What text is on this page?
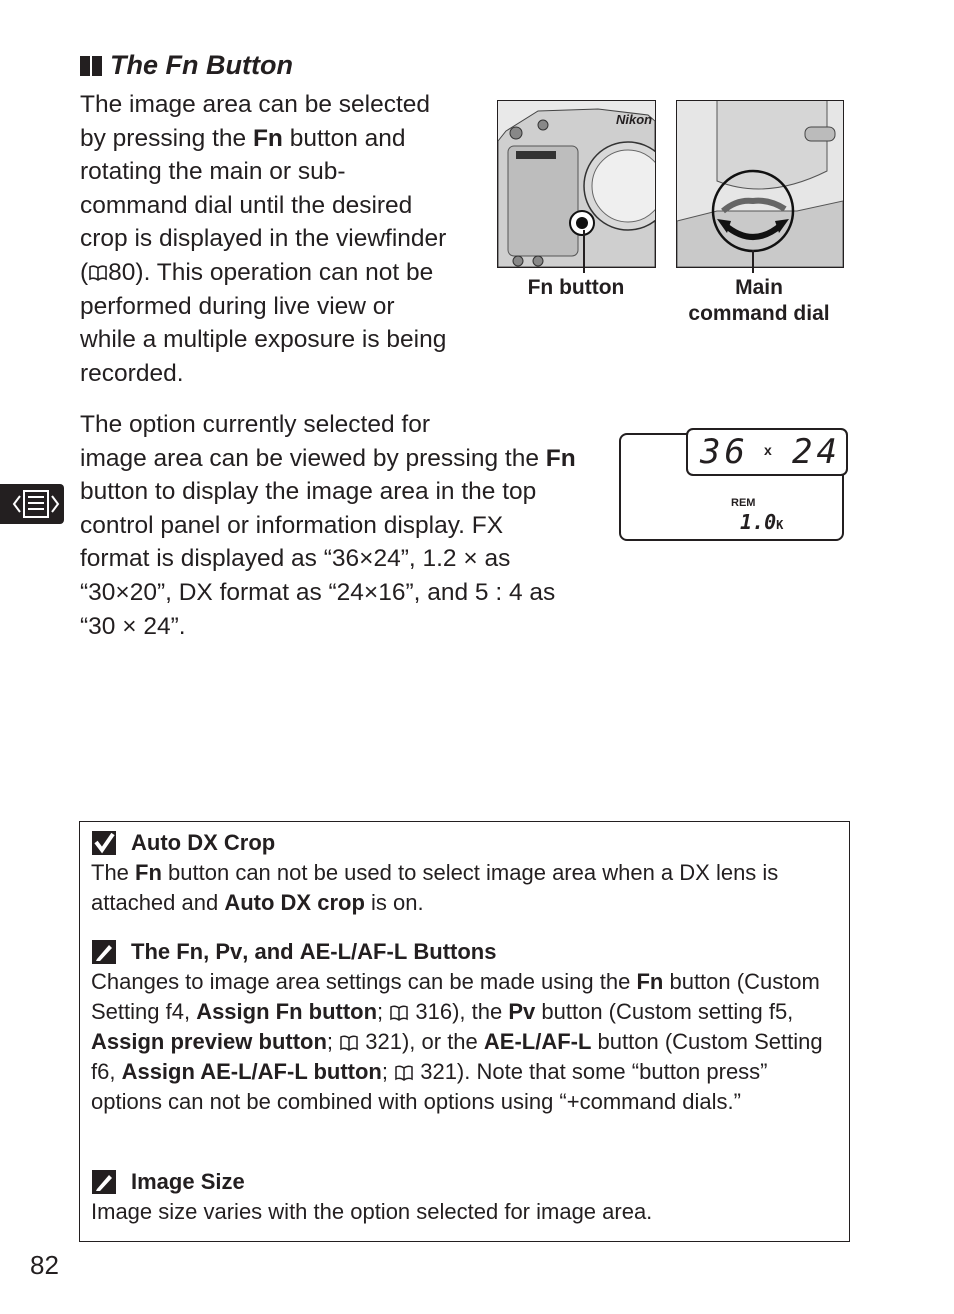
The Fn Button

The image area can be selected
by pressing the Fn button and
rotating the main or sub-
command dial until the desired
crop is displayed in the viewfinder
( 80). This operation can not be
performed during live view or
while a multiple exposure is being
recorded.

Nikon
Fn button	Main
command dial

The option currently selected for
image area can be viewed by pressing the Fn
button to display the image area in the top
control panel or information display. FX
format is displayed as “36×24”, 1.2 × as
“30×20”, DX format as “24×16”, and 5 : 4 as
“30 × 24”.

36 x 24
REM
1.0K
Auto DX Crop

The Fn button can not be used to select image area when a DX lens is attached and Auto DX crop is on.

The Fn, Pv, and AE-L/AF-L Buttons

Changes to image area settings can be made using the Fn button (Custom Setting f4, Assign Fn button;  316), the Pv button (Custom setting f5, Assign preview button;  321), or the AE-L/AF-L button (Custom Setting f6, Assign AE-L/AF-L button;  321). Note that some “button press” options can not be combined with options using “+command dials.”

Image Size

Image size varies with the option selected for image area.

82
